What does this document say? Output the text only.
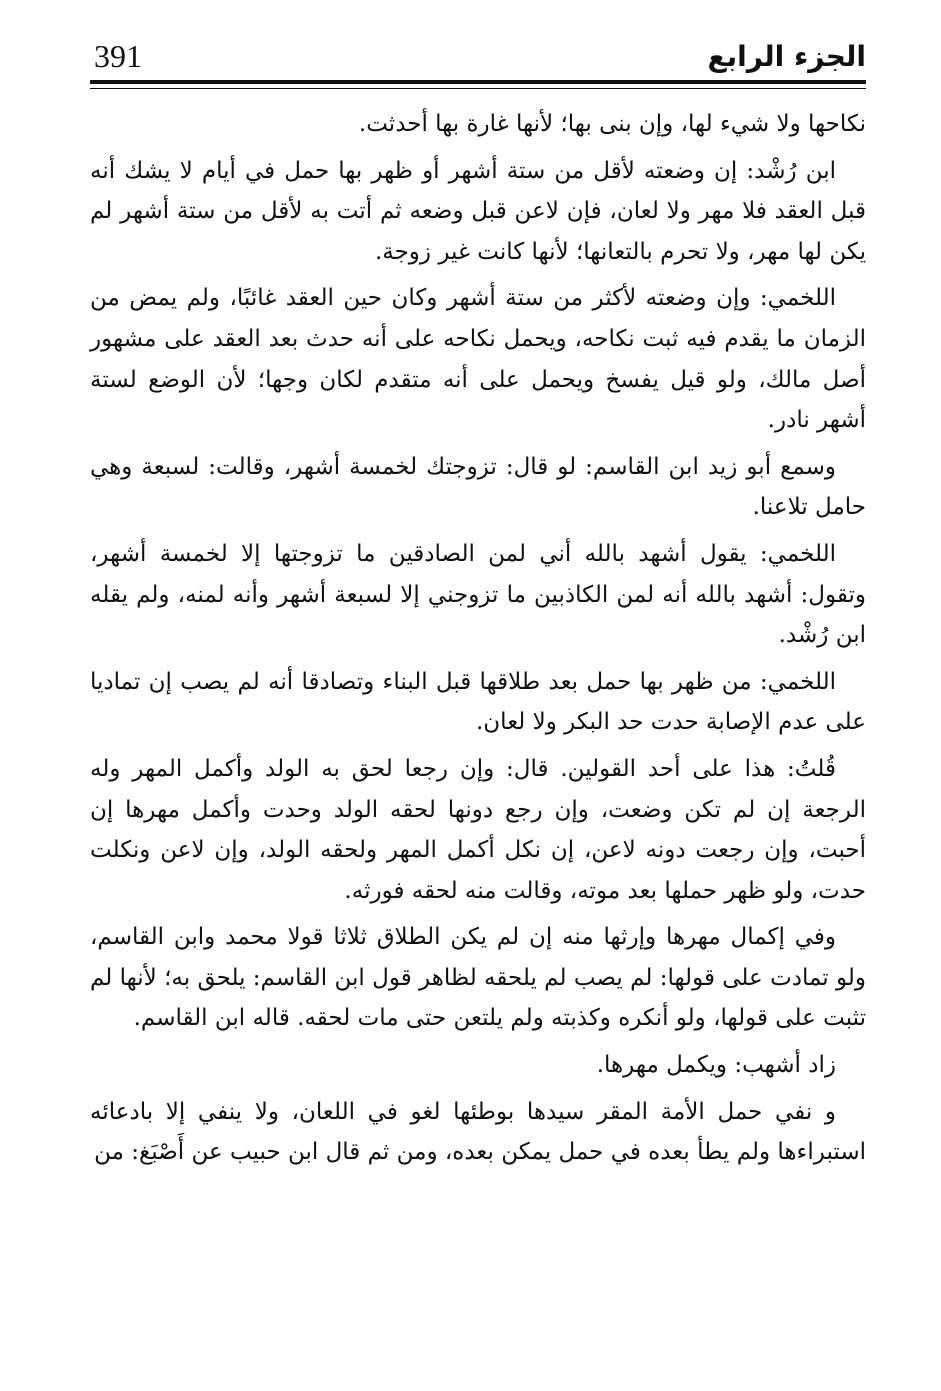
391	الجزء الرابع

نكاحها ولا شيء لها، وإن بنى بها؛ لأنها غارة بها أحدثت.

ابن رُشْد: إن وضعته لأقل من ستة أشهر أو ظهر بها حمل في أيام لا يشك أنه قبل العقد فلا مهر ولا لعان، فإن لاعن قبل وضعه ثم أتت به لأقل من ستة أشهر لم يكن لها مهر، ولا تحرم بالتعانها؛ لأنها كانت غير زوجة.

اللخمي: وإن وضعته لأكثر من ستة أشهر وكان حين العقد غائبًا، ولم يمض من الزمان ما يقدم فيه ثبت نكاحه، ويحمل نكاحه على أنه حدث بعد العقد على مشهور أصل مالك، ولو قيل يفسخ ويحمل على أنه متقدم لكان وجها؛ لأن الوضع لستة أشهر نادر.

وسمع أبو زيد ابن القاسم: لو قال: تزوجتك لخمسة أشهر، وقالت: لسبعة وهي حامل تلاعنا.

اللخمي: يقول أشهد بالله أني لمن الصادقين ما تزوجتها إلا لخمسة أشهر، وتقول: أشهد بالله أنه لمن الكاذبين ما تزوجني إلا لسبعة أشهر وأنه لمنه، ولم يقله ابن رُشْد.

اللخمي: من ظهر بها حمل بعد طلاقها قبل البناء وتصادقا أنه لم يصب إن تماديا على عدم الإصابة حدت حد البكر ولا لعان.

قُلتُ: هذا على أحد القولين. قال: وإن رجعا لحق به الولد وأكمل المهر وله الرجعة إن لم تكن وضعت، وإن رجع دونها لحقه الولد وحدت وأكمل مهرها إن أحبت، وإن رجعت دونه لاعن، إن نكل أكمل المهر ولحقه الولد، وإن لاعن ونكلت حدت، ولو ظهر حملها بعد موته، وقالت منه لحقه فورثه.

وفي إكمال مهرها وإرثها منه إن لم يكن الطلاق ثلاثا قولا محمد وابن القاسم، ولو تمادت على قولها: لم يصب لم يلحقه لظاهر قول ابن القاسم: يلحق به؛ لأنها لم تثبت على قولها، ولو أنكره وكذبته ولم يلتعن حتى مات لحقه. قاله ابن القاسم.

زاد أشهب: ويكمل مهرها.

و نفي حمل الأمة المقر سيدها بوطئها لغو في اللعان، ولا ينفي إلا بادعائه استبراءها ولم يطأ بعده في حمل يمكن بعده، ومن ثم قال ابن حبيب عن أَصْبَغ: من
